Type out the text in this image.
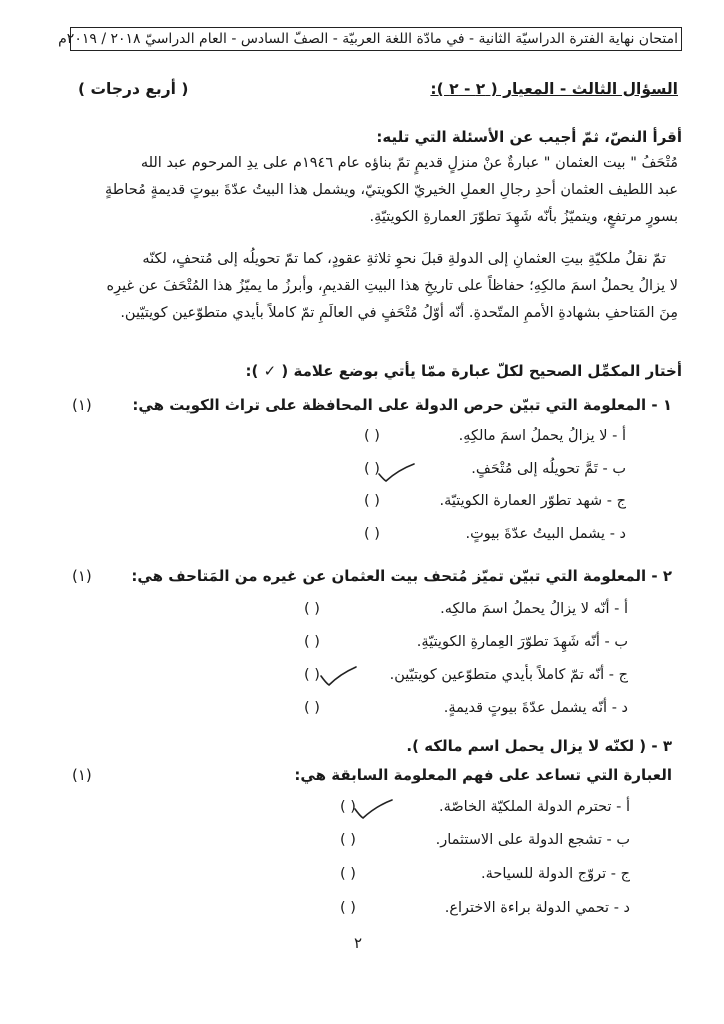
امتحان نهاية الفترة الدراسيّة الثانية - في مادّة اللغة العربيّة - الصفّ السادس - العام الدراسيّ ٢٠١٨ / ٢٠١٩م
السؤال الثالث - المعيار ( ٢ - ٢ ):
( أربع درجات )
أقرأ النصّ، ثمّ أجيب عن الأسئلة التي تليه:
مُتْحَفُ " بيت العثمان " عبارةٌ عنْ منزلٍ قديمٍ تمّ بناؤه عام ١٩٤٦م على يدِ المرحوم عبد الله
عبد اللطيف العثمان أحدِ رجالِ العملِ الخيريّ الكويتيّ، ويشمل هذا البيتُ عدّةَ بيوتٍ قديمةٍ مُحاطةٍ
بسورٍ مرتفعٍ، ويتميّزُ بأنّه شَهِدَ تطوّرَ العمارةِ الكويتيّةِ.
تمّ نقلُ ملكيّةِ بيتِ العثمانِ إلى الدولةِ قبلَ نحوِ ثلاثةِ عقودٍ، كما تمّ تحويلُه إلى مُتحفٍ، لكنّه
لا يزالُ يحملُ اسمَ مالكِهِ؛ حفاظاً على تاريخِ هذا البيتِ القديمِ، وأبرزُ ما يميّزُ هذا المُتْحَفَ عن غيرِه
مِنَ المَتاحفِ بشهادةِ الأممِ المتّحدةِ. أنّه أوّلُ مُتْحَفٍ في العالَمِ تمّ كاملاً بأيدي متطوّعين كويتيّين.
أختار المكمِّل الصحيح لكلّ عبارة ممّا يأتي بوضع علامة ( ✓ ):
١ - المعلومة التي تبيّن حرص الدولة على المحافظة على تراث الكويت هي:
(١)
أ - لا يزالُ يحملُ اسمَ مالكِهِ.
ب - تَمَّ تحويلُه إلى مُتْحَفٍ.
ج - شهد تطوّر العمارة الكويتيّة.
د - يشمل البيتُ عدّةَ بيوتٍ.
( )
( )
( )
( )
٢ - المعلومة التي تبيّن تميّز مُتحف بيت العثمان عن غيره من المَتاحف هي:
(١)
أ - أنّه لا يزالُ يحملُ اسمَ مالكِه.
ب - أنّه شَهِدَ تطوّرَ العِمارةِ الكويتيّةِ.
ج - أنّه تمّ كاملاً بأيدي متطوّعين كويتيّين.
د - أنّه يشمل عدّةَ بيوتٍ قديمةٍ.
( )
( )
( )
( )
٣ - ( لكنّه لا يزال يحمل اسم مالكه ).
العبارة التي تساعد على فهم المعلومة السابقة هي:
(١)
أ - تحترم الدولة الملكيّة الخاصّة.
ب - تشجع الدولة على الاستثمار.
ج - تروّج الدولة للسياحة.
د - تحمي الدولة براءة الاختراع.
( )
( )
( )
( )
٢
